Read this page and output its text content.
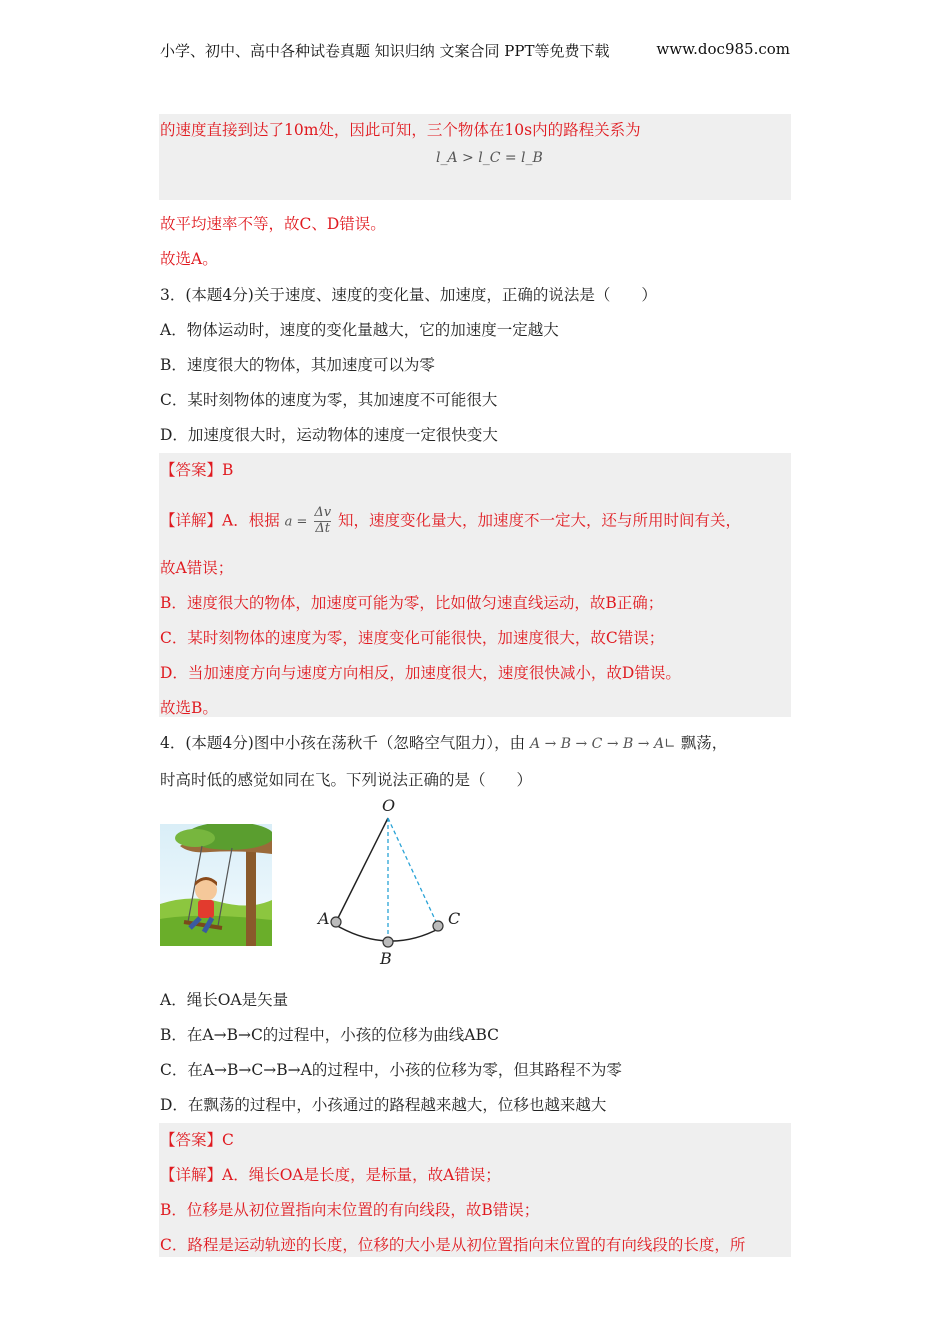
小学、初中、高中各种试卷真题 知识归纳 文案合同 PPT等免费下载	www.doc985.com
的速度直接到达了10m处，因此可知，三个物体在10s内的路程关系为
l_A > l_C = l_B
故平均速率不等，故C、D错误。
故选A。
3．(本题4分)关于速度、速度的变化量、加速度，正确的说法是（　　）
A．物体运动时，速度的变化量越大，它的加速度一定越大
B．速度很大的物体，其加速度可以为零
C．某时刻物体的速度为零，其加速度不可能很大
D．加速度很大时，运动物体的速度一定很快变大
【答案】B
【详解】A．根据 $a = \frac{\Delta v}{\Delta t}$ 知，速度变化量大，加速度不一定大，还与所用时间有关，
故A错误；
B．速度很大的物体，加速度可能为零，比如做匀速直线运动，故B正确；
C．某时刻物体的速度为零，速度变化可能很快，加速度很大，故C错误；
D．当加速度方向与速度方向相反，加速度很大，速度很快减小，故D错误。
故选B。
4．(本题4分)图中小孩在荡秋千（忽略空气阻力），由 A → B → C → B → A∟ 飘荡，
时高时低的感觉如同在飞。下列说法正确的是（　　）
O
A
B
C
A．绳长OA是矢量
B．在A→B→C的过程中，小孩的位移为曲线ABC
C．在A→B→C→B→A的过程中，小孩的位移为零，但其路程不为零
D．在飘荡的过程中，小孩通过的路程越来越大，位移也越来越大
【答案】C
【详解】A．绳长OA是长度，是标量，故A错误；
B．位移是从初位置指向末位置的有向线段，故B错误；
C．路程是运动轨迹的长度，位移的大小是从初位置指向末位置的有向线段的长度，所
